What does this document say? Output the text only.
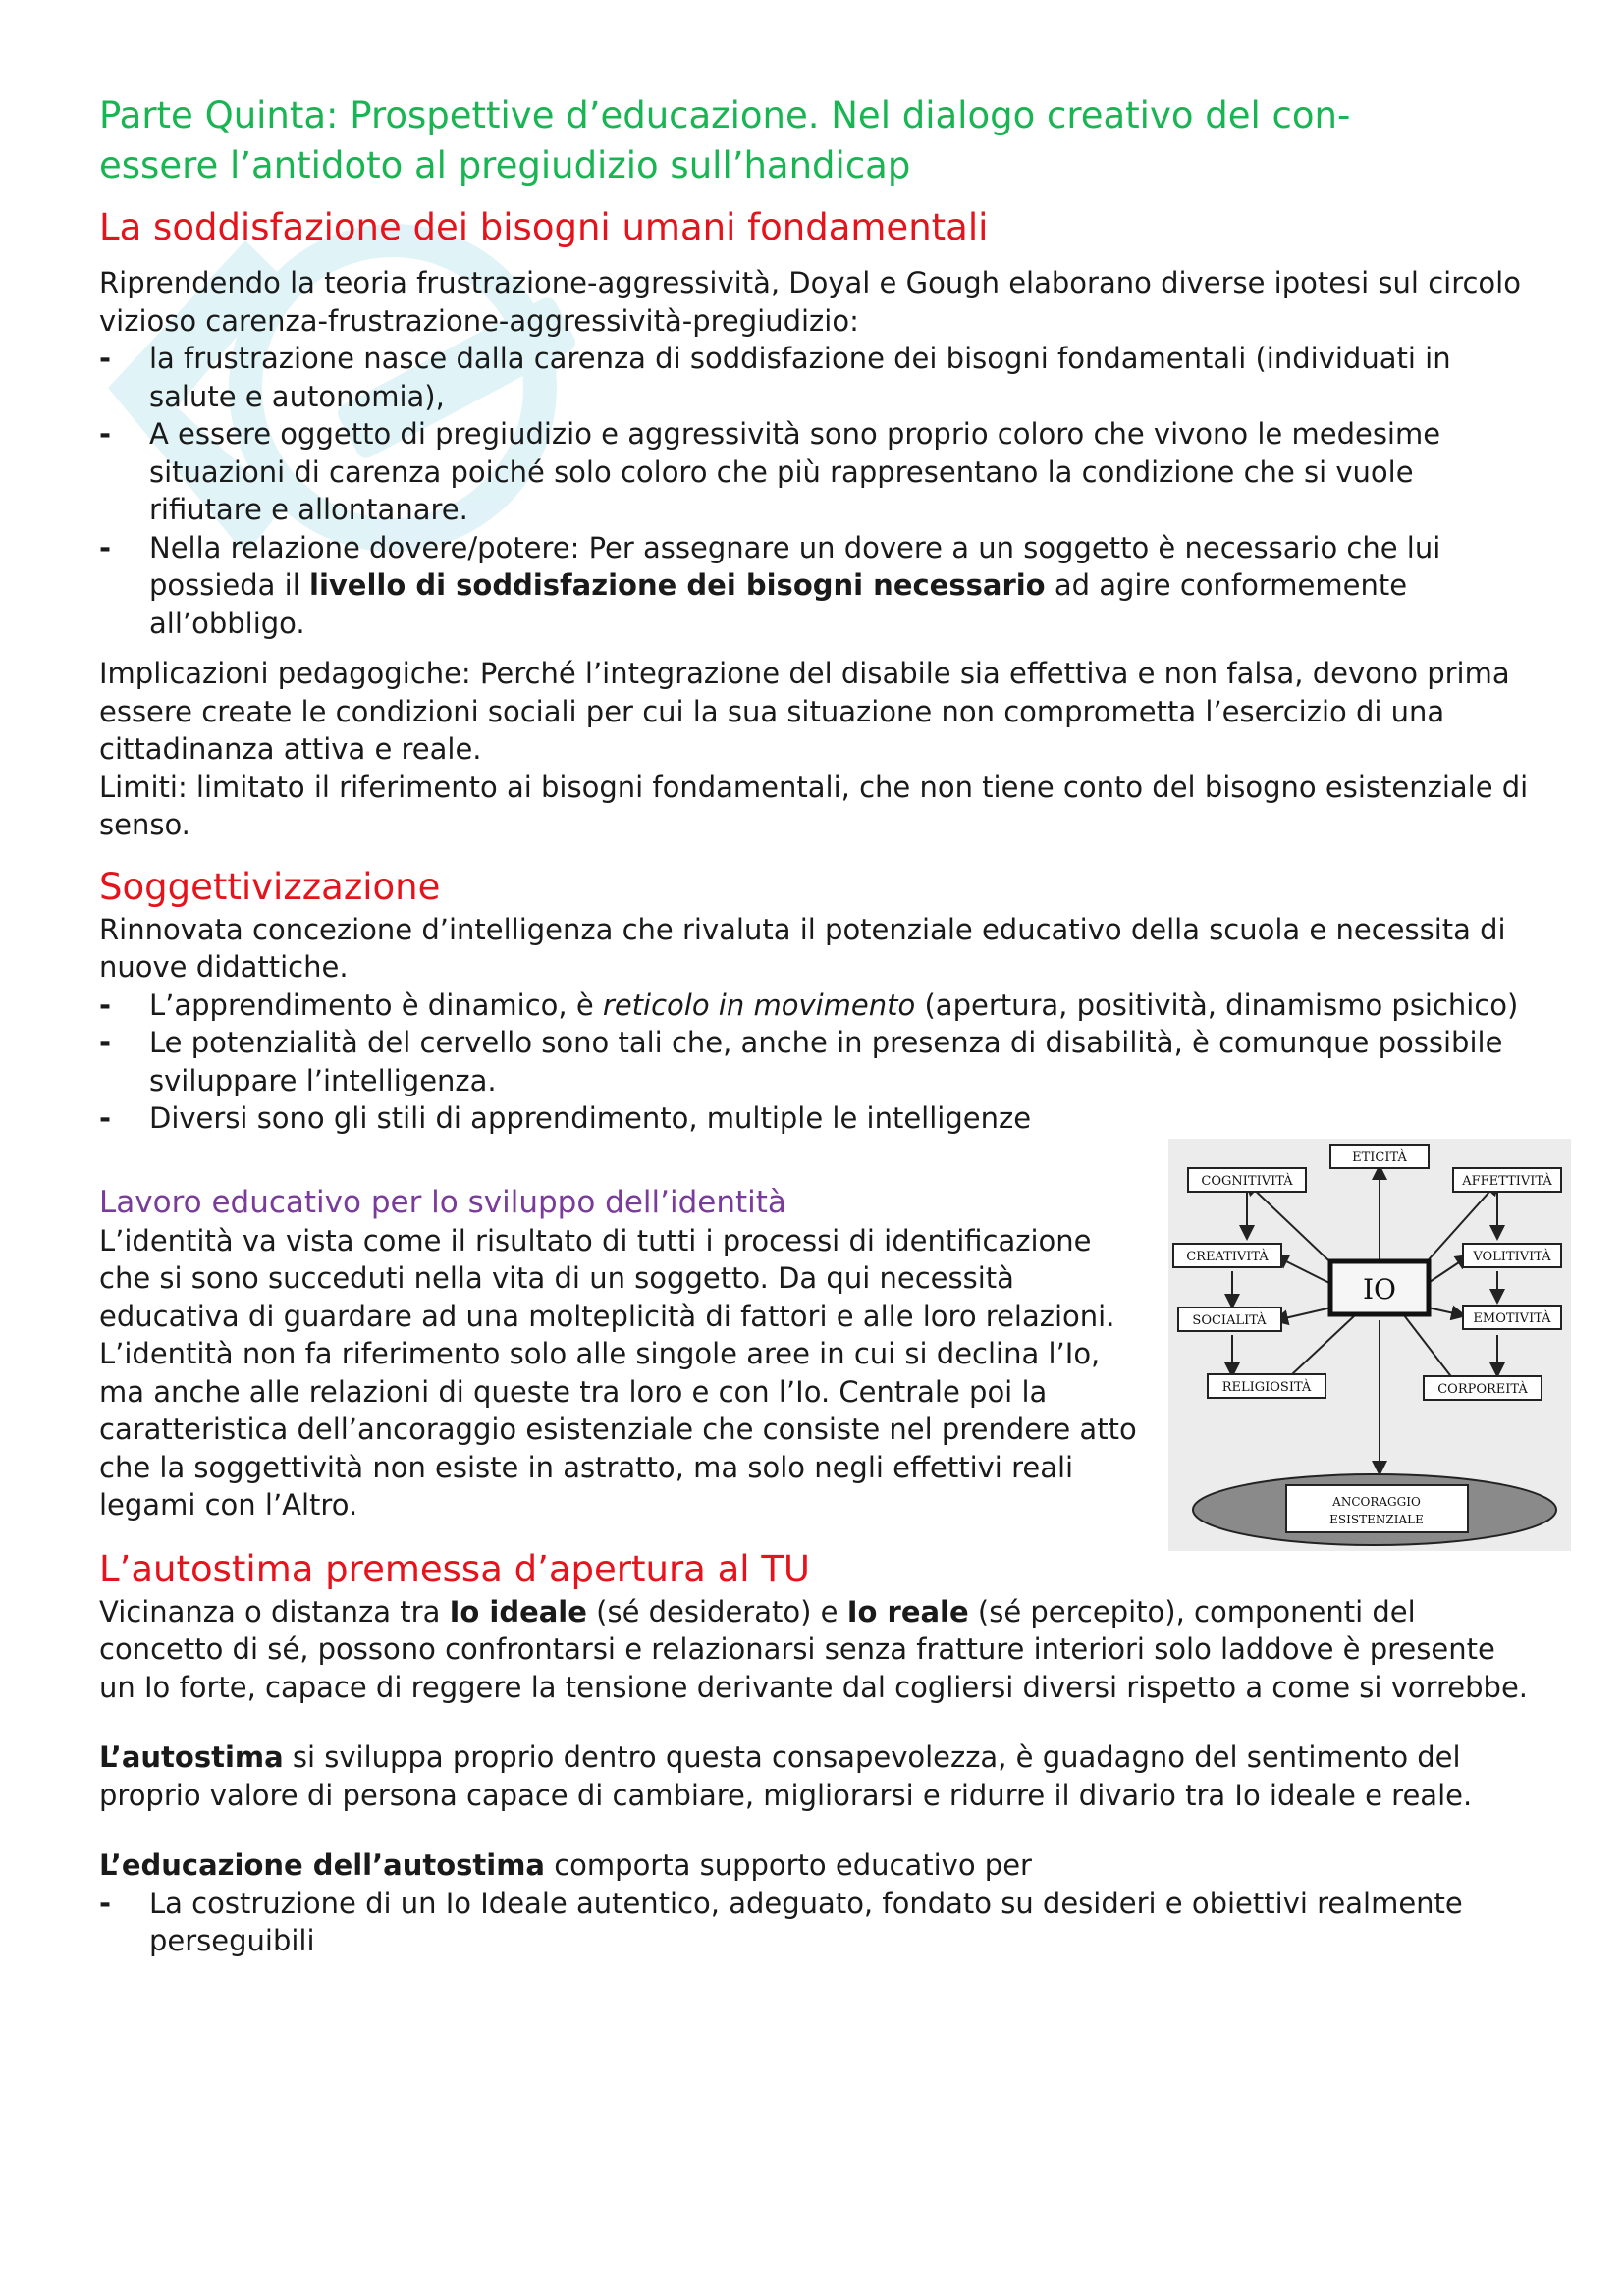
Parte Quinta: Prospettive d’educazione. Nel dialogo creativo del con-
essere l’antidoto al pregiudizio sull’handicap
La soddisfazione dei bisogni umani fondamentali

Riprendendo la teoria frustrazione-aggressività, Doyal e Gough elaborano diverse ipotesi sul circolo vizioso carenza-frustrazione-aggressività-pregiudizio:

- la frustrazione nasce dalla carenza di soddisfazione dei bisogni fondamentali (individuati in salute e autonomia),
- A essere oggetto di pregiudizio e aggressività sono proprio coloro che vivono le medesime situazioni di carenza poiché solo coloro che più rappresentano la condizione che si vuole rifiutare e allontanare.
- Nella relazione dovere/potere: Per assegnare un dovere a un soggetto è necessario che lui possieda il livello di soddisfazione dei bisogni necessario ad agire conformemente all’obbligo.

Implicazioni pedagogiche: Perché l’integrazione del disabile sia effettiva e non falsa, devono prima essere create le condizioni sociali per cui la sua situazione non comprometta l’esercizio di una cittadinanza attiva e reale.

Limiti: limitato il riferimento ai bisogni fondamentali, che non tiene conto del bisogno esistenziale di senso.

Soggettivizzazione

Rinnovata concezione d’intelligenza che rivaluta il potenziale educativo della scuola e necessita di nuove didattiche.

- L’apprendimento è dinamico, è reticolo in movimento (apertura, positività, dinamismo psichico)
- Le potenzialità del cervello sono tali che, anche in presenza di disabilità, è comunque possibile sviluppare l’intelligenza.
- Diversi sono gli stili di apprendimento, multiple le intelligenze
Lavoro educativo per lo sviluppo dell’identità

L’identità va vista come il risultato di tutti i processi di identificazione che si sono succeduti nella vita di un soggetto. Da qui necessità educativa di guardare ad una molteplicità di fattori e alle loro relazioni.

L’identità non fa riferimento solo alle singole aree in cui si declina l’Io, ma anche alle relazioni di queste tra loro e con l’Io. Centrale poi la caratteristica dell’ancoraggio esistenziale che consiste nel prendere atto che la soggettività non esiste in astratto, ma solo negli effettivi reali legami con l’Altro.

L’autostima premessa d’apertura al TU

Vicinanza o distanza tra Io ideale (sé desiderato) e Io reale (sé percepito), componenti del concetto di sé, possono confrontarsi e relazionarsi senza fratture interiori solo laddove è presente un Io forte, capace di reggere la tensione derivante dal cogliersi diversi rispetto a come si vorrebbe.

L’autostima si sviluppa proprio dentro questa consapevolezza, è guadagno del sentimento del proprio valore di persona capace di cambiare, migliorarsi e ridurre il divario tra Io ideale e reale.

L’educazione dell’autostima comporta supporto educativo per

- La costruzione di un Io Ideale autentico, adeguato, fondato su desideri e obiettivi realmente perseguibili
ETICITÀ
COGNITIVITÀ	AFFETTIVITÀ
CREATIVITÀ	VOLITIVITÀ
IO
SOCIALITÀ	EMOTIVITÀ
RELIGIOSITÀ	CORPOREITÀ
ANCORAGGIO
ESISTENZIALE
